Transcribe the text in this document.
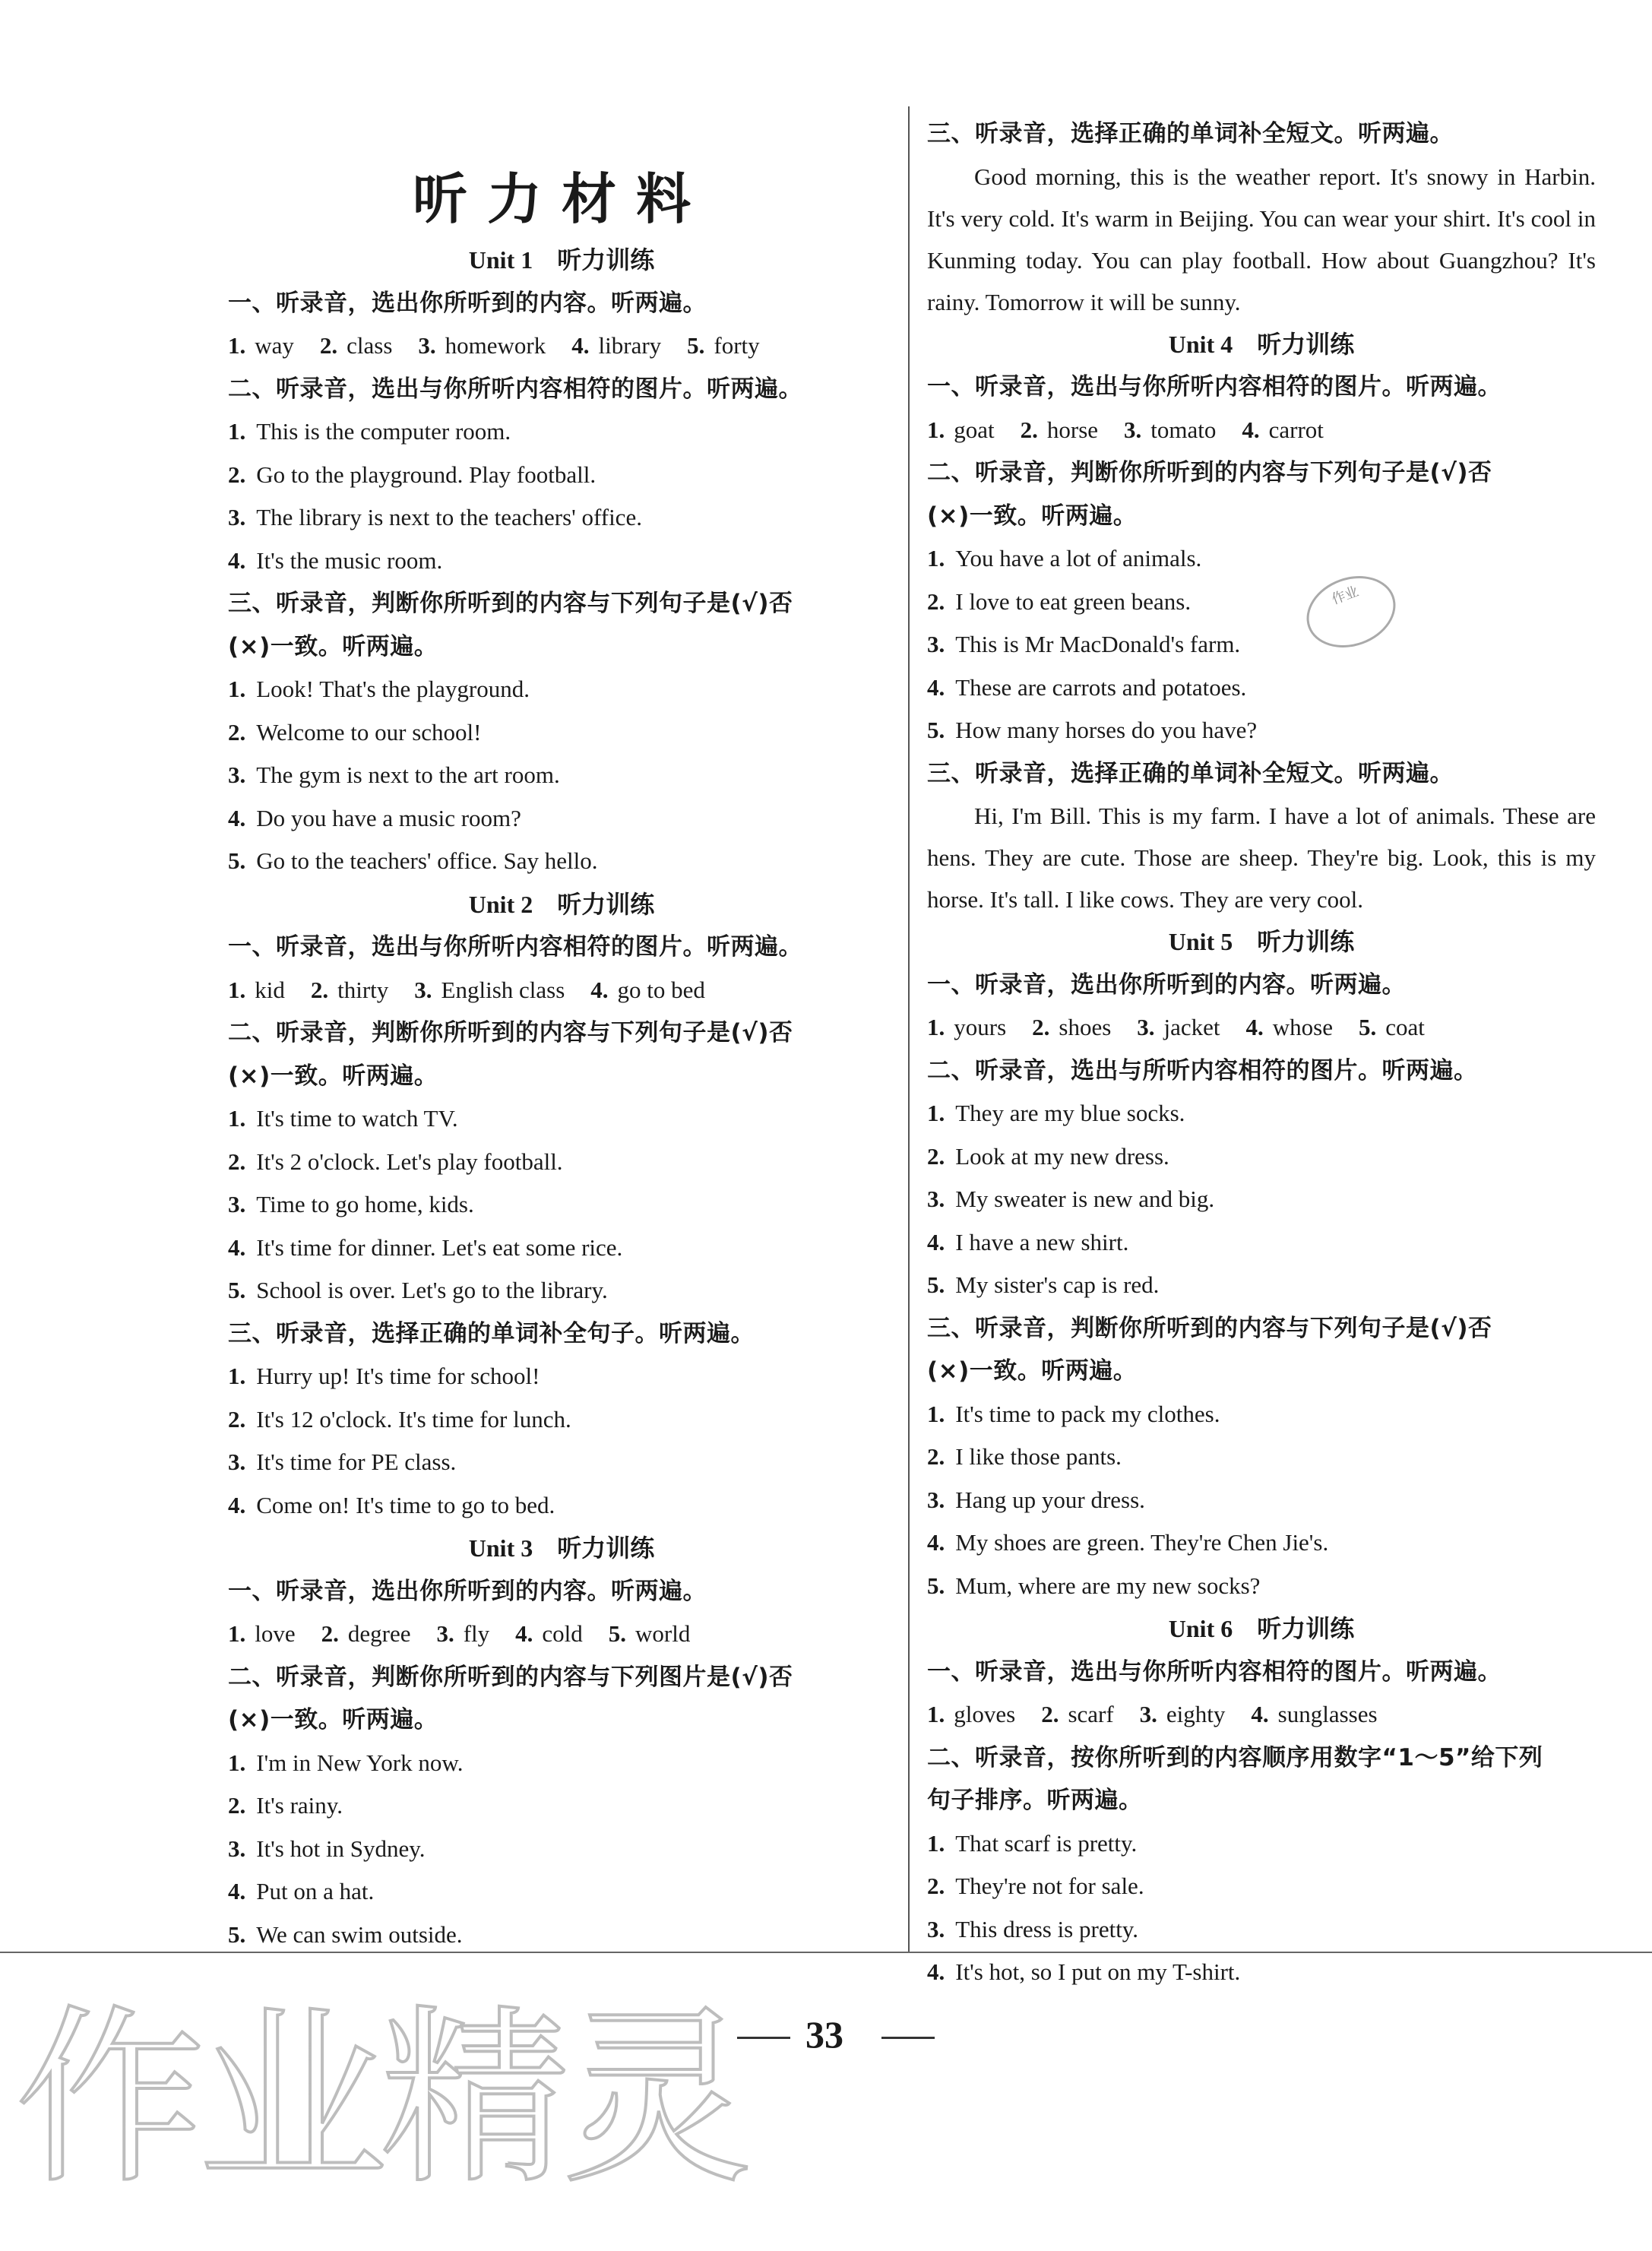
听力材料
Unit 1　听力训练
一、听录音，选出你所听到的内容。听两遍。
1. way 2. class 3. homework 4. library 5. forty
二、听录音，选出与你所听内容相符的图片。听两遍。
1. This is the computer room.
2. Go to the playground. Play football.
3. The library is next to the teachers' office.
4. It's the music room.
三、听录音，判断你所听到的内容与下列句子是(√)否
(×)一致。听两遍。
1. Look! That's the playground.
2. Welcome to our school!
3. The gym is next to the art room.
4. Do you have a music room?
5. Go to the teachers' office. Say hello.
Unit 2　听力训练
一、听录音，选出与你所听内容相符的图片。听两遍。
1. kid 2. thirty 3. English class 4. go to bed
二、听录音，判断你所听到的内容与下列句子是(√)否
(×)一致。听两遍。
1. It's time to watch TV.
2. It's 2 o'clock. Let's play football.
3. Time to go home, kids.
4. It's time for dinner. Let's eat some rice.
5. School is over. Let's go to the library.
三、听录音，选择正确的单词补全句子。听两遍。
1. Hurry up! It's time for school!
2. It's 12 o'clock. It's time for lunch.
3. It's time for PE class.
4. Come on! It's time to go to bed.
Unit 3　听力训练
一、听录音，选出你所听到的内容。听两遍。
1. love 2. degree 3. fly 4. cold 5. world
二、听录音，判断你所听到的内容与下列图片是(√)否
(×)一致。听两遍。
1. I'm in New York now.
2. It's rainy.
3. It's hot in Sydney.
4. Put on a hat.
5. We can swim outside.
三、听录音，选择正确的单词补全短文。听两遍。

Good morning, this is the weather report. It's snowy in Harbin. It's very cold. It's warm in Beijing. You can wear your shirt. It's cool in Kunming today. You can play football. How about Guangzhou? It's rainy. Tomorrow it will be sunny.

Unit 4　听力训练
一、听录音，选出与你所听内容相符的图片。听两遍。
1. goat 2. horse 3. tomato 4. carrot
二、听录音，判断你所听到的内容与下列句子是(√)否
(×)一致。听两遍。
1. You have a lot of animals.
2. I love to eat green beans.
3. This is Mr MacDonald's farm.
4. These are carrots and potatoes.
5. How many horses do you have?
三、听录音，选择正确的单词补全短文。听两遍。

Hi, I'm Bill. This is my farm. I have a lot of animals. These are hens. They are cute. Those are sheep. They're big. Look, this is my horse. It's tall. I like cows. They are very cool.

Unit 5　听力训练
一、听录音，选出你所听到的内容。听两遍。
1. yours 2. shoes 3. jacket 4. whose 5. coat
二、听录音，选出与所听内容相符的图片。听两遍。
1. They are my blue socks.
2. Look at my new dress.
3. My sweater is new and big.
4. I have a new shirt.
5. My sister's cap is red.
三、听录音，判断你所听到的内容与下列句子是(√)否
(×)一致。听两遍。
1. It's time to pack my clothes.
2. I like those pants.
3. Hang up your dress.
4. My shoes are green. They're Chen Jie's.
5. Mum, where are my new socks?
Unit 6　听力训练
一、听录音，选出与你所听内容相符的图片。听两遍。
1. gloves 2. scarf 3. eighty 4. sunglasses
二、听录音，按你所听到的内容顺序用数字“1～5”给下列
句子排序。听两遍。
1. That scarf is pretty.
2. They're not for sale.
3. This dress is pretty.
4. It's hot, so I put on my T-shirt.
作业
33
作业精灵
